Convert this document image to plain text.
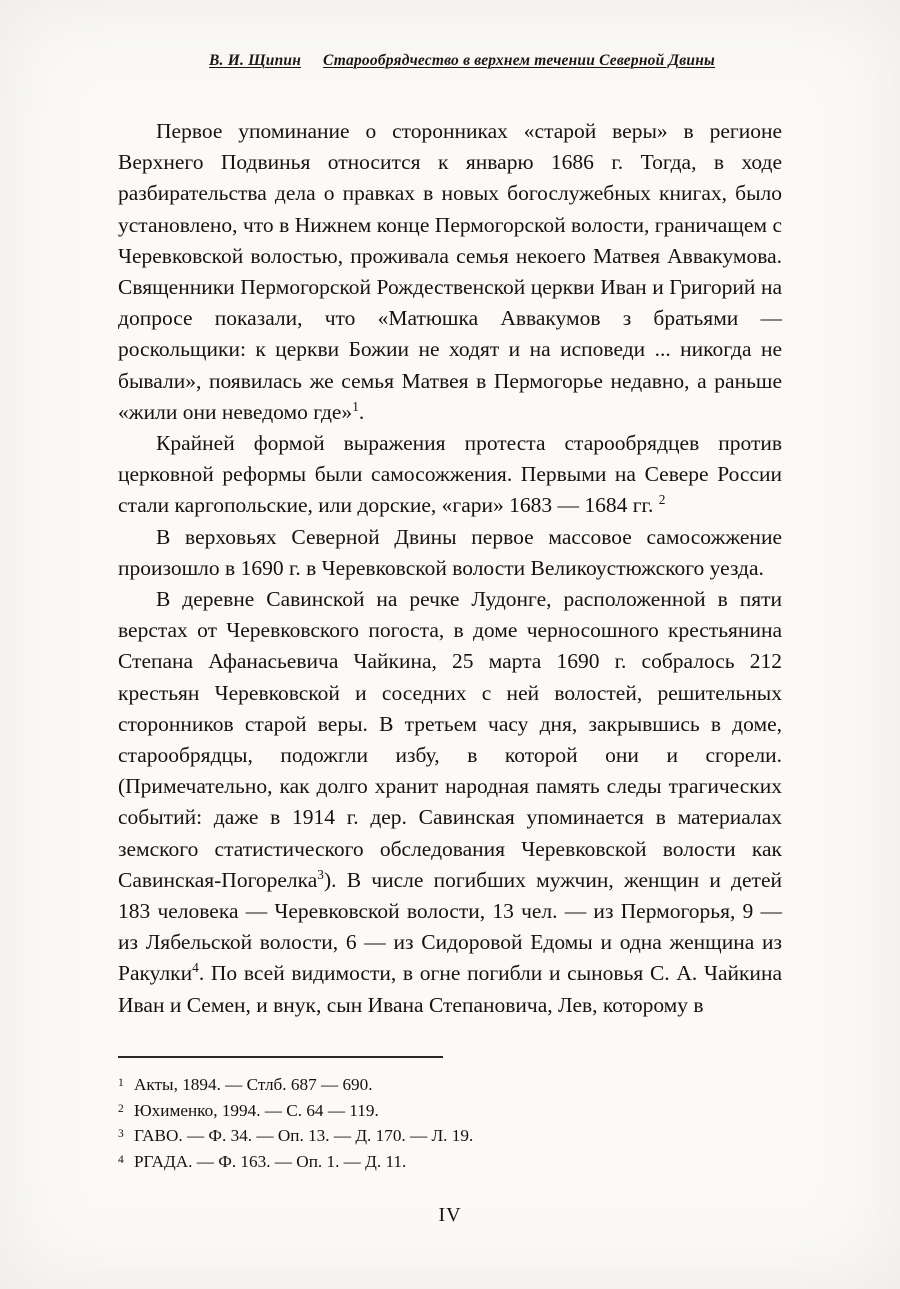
В. И. Щипин Старообрядчество в верхнем течении Северной Двины

Первое упоминание о сторонниках «старой веры» в регионе Верхнего Подвинья относится к январю 1686 г. Тогда, в ходе разбирательства дела о правках в новых богослужебных книгах, было установлено, что в Нижнем конце Пермогорской волости, граничащем с Черевковской волостью, проживала семья некоего Матвея Аввакумова. Священники Пермогорской Рождественской церкви Иван и Григорий на допросе показали, что «Матюшка Аввакумов з братьями — роскольщики: к церкви Божии не ходят и на исповеди ... никогда не бывали», появилась же семья Матвея в Пермогорье недавно, а раньше «жили они неведомо где»$^1$.

Крайней формой выражения протеста старообрядцев против церковной реформы были самосожжения. Первыми на Севере России стали каргопольские, или дорские, «гари» 1683 — 1684 гг. $^2$

В верховьях Северной Двины первое массовое самосожжение произошло в 1690 г. в Черевковской волости Великоустюжского уезда.

В деревне Савинской на речке Лудонге, расположенной в пяти верстах от Черевковского погоста, в доме черносошного крестьянина Степана Афанасьевича Чайкина, 25 марта 1690 г. собралось 212 крестьян Черевковской и соседних с ней волостей, решительных сторонников старой веры. В третьем часу дня, закрывшись в доме, старообрядцы, подожгли избу, в которой они и сгорели. (Примечательно, как долго хранит народная память следы трагических событий: даже в 1914 г. дер. Савинская упоминается в материалах земского статистического обследования Черевковской волости как Савинская-Погорелка$^3$). В числе погибших мужчин, женщин и детей 183 человека — Черевковской волости, 13 чел. — из Пермогорья, 9 — из Лябельской волости, 6 — из Сидоровой Едомы и одна женщина из Ракулки$^4$. По всей видимости, в огне погибли и сыновья С. А. Чайкина Иван и Семен, и внук, сын Ивана Степановича, Лев, которому в

1 Акты, 1894. — Стлб. 687 — 690.
2 Юхименко, 1994. — С. 64 — 119.
3 ГАВО. — Ф. 34. — Оп. 13. — Д. 170. — Л. 19.
4 РГАДА. — Ф. 163. — Оп. 1. — Д. 11.
IV
